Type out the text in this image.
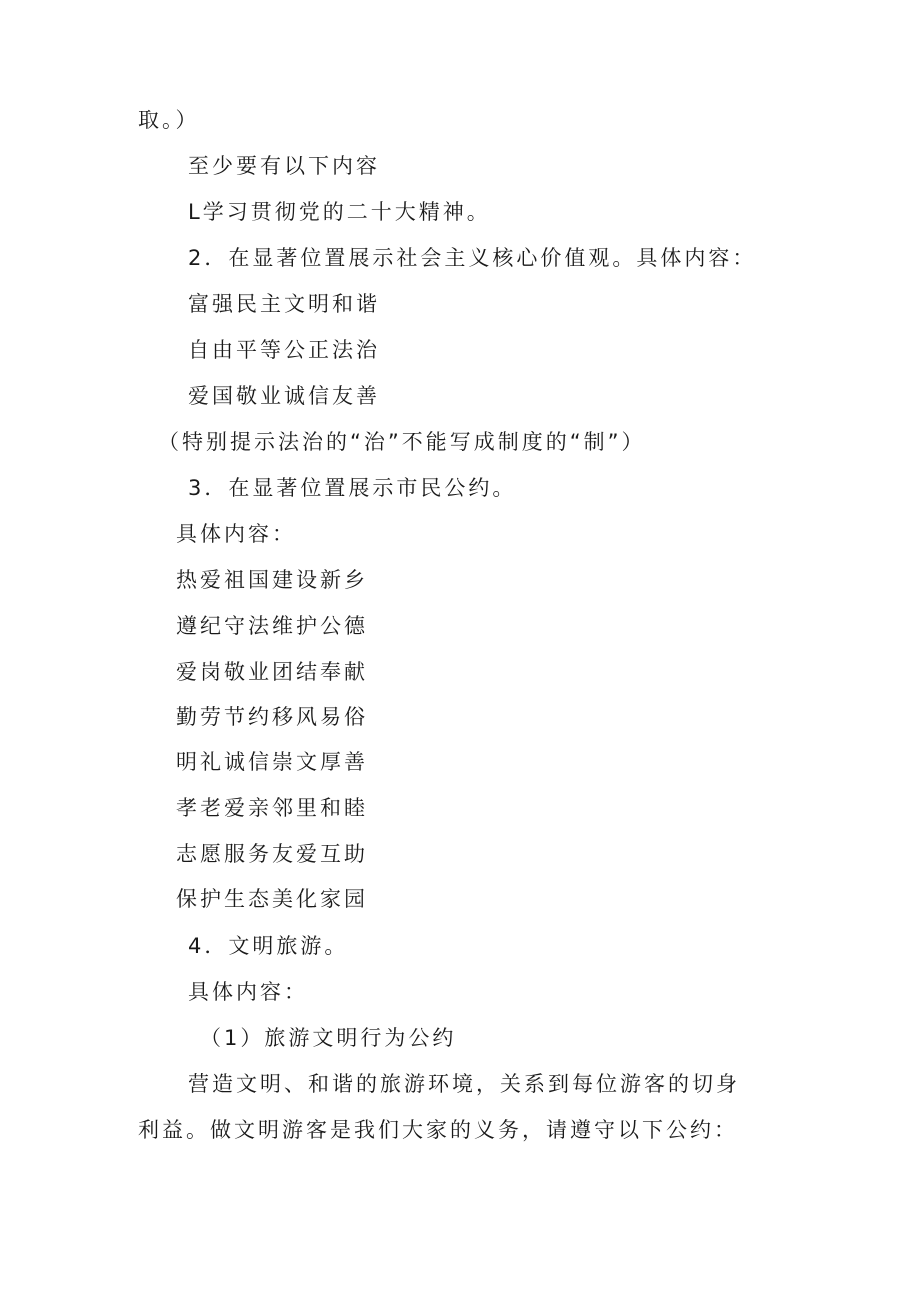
取。）
至少要有以下内容
L学习贯彻党的二十大精神。
2．在显著位置展示社会主义核心价值观。具体内容：
富强民主文明和谐
自由平等公正法治
爱国敬业诚信友善
（特别提示法治的“治”不能写成制度的“制”）
3．在显著位置展示市民公约。
具体内容：
热爱祖国建设新乡
遵纪守法维护公德
爱岗敬业团结奉献
勤劳节约移风易俗
明礼诚信崇文厚善
孝老爱亲邻里和睦
志愿服务友爱互助
保护生态美化家园
4．文明旅游。
具体内容：
（1）旅游文明行为公约
营造文明、和谐的旅游环境，关系到每位游客的切身
利益。做文明游客是我们大家的义务，请遵守以下公约：
